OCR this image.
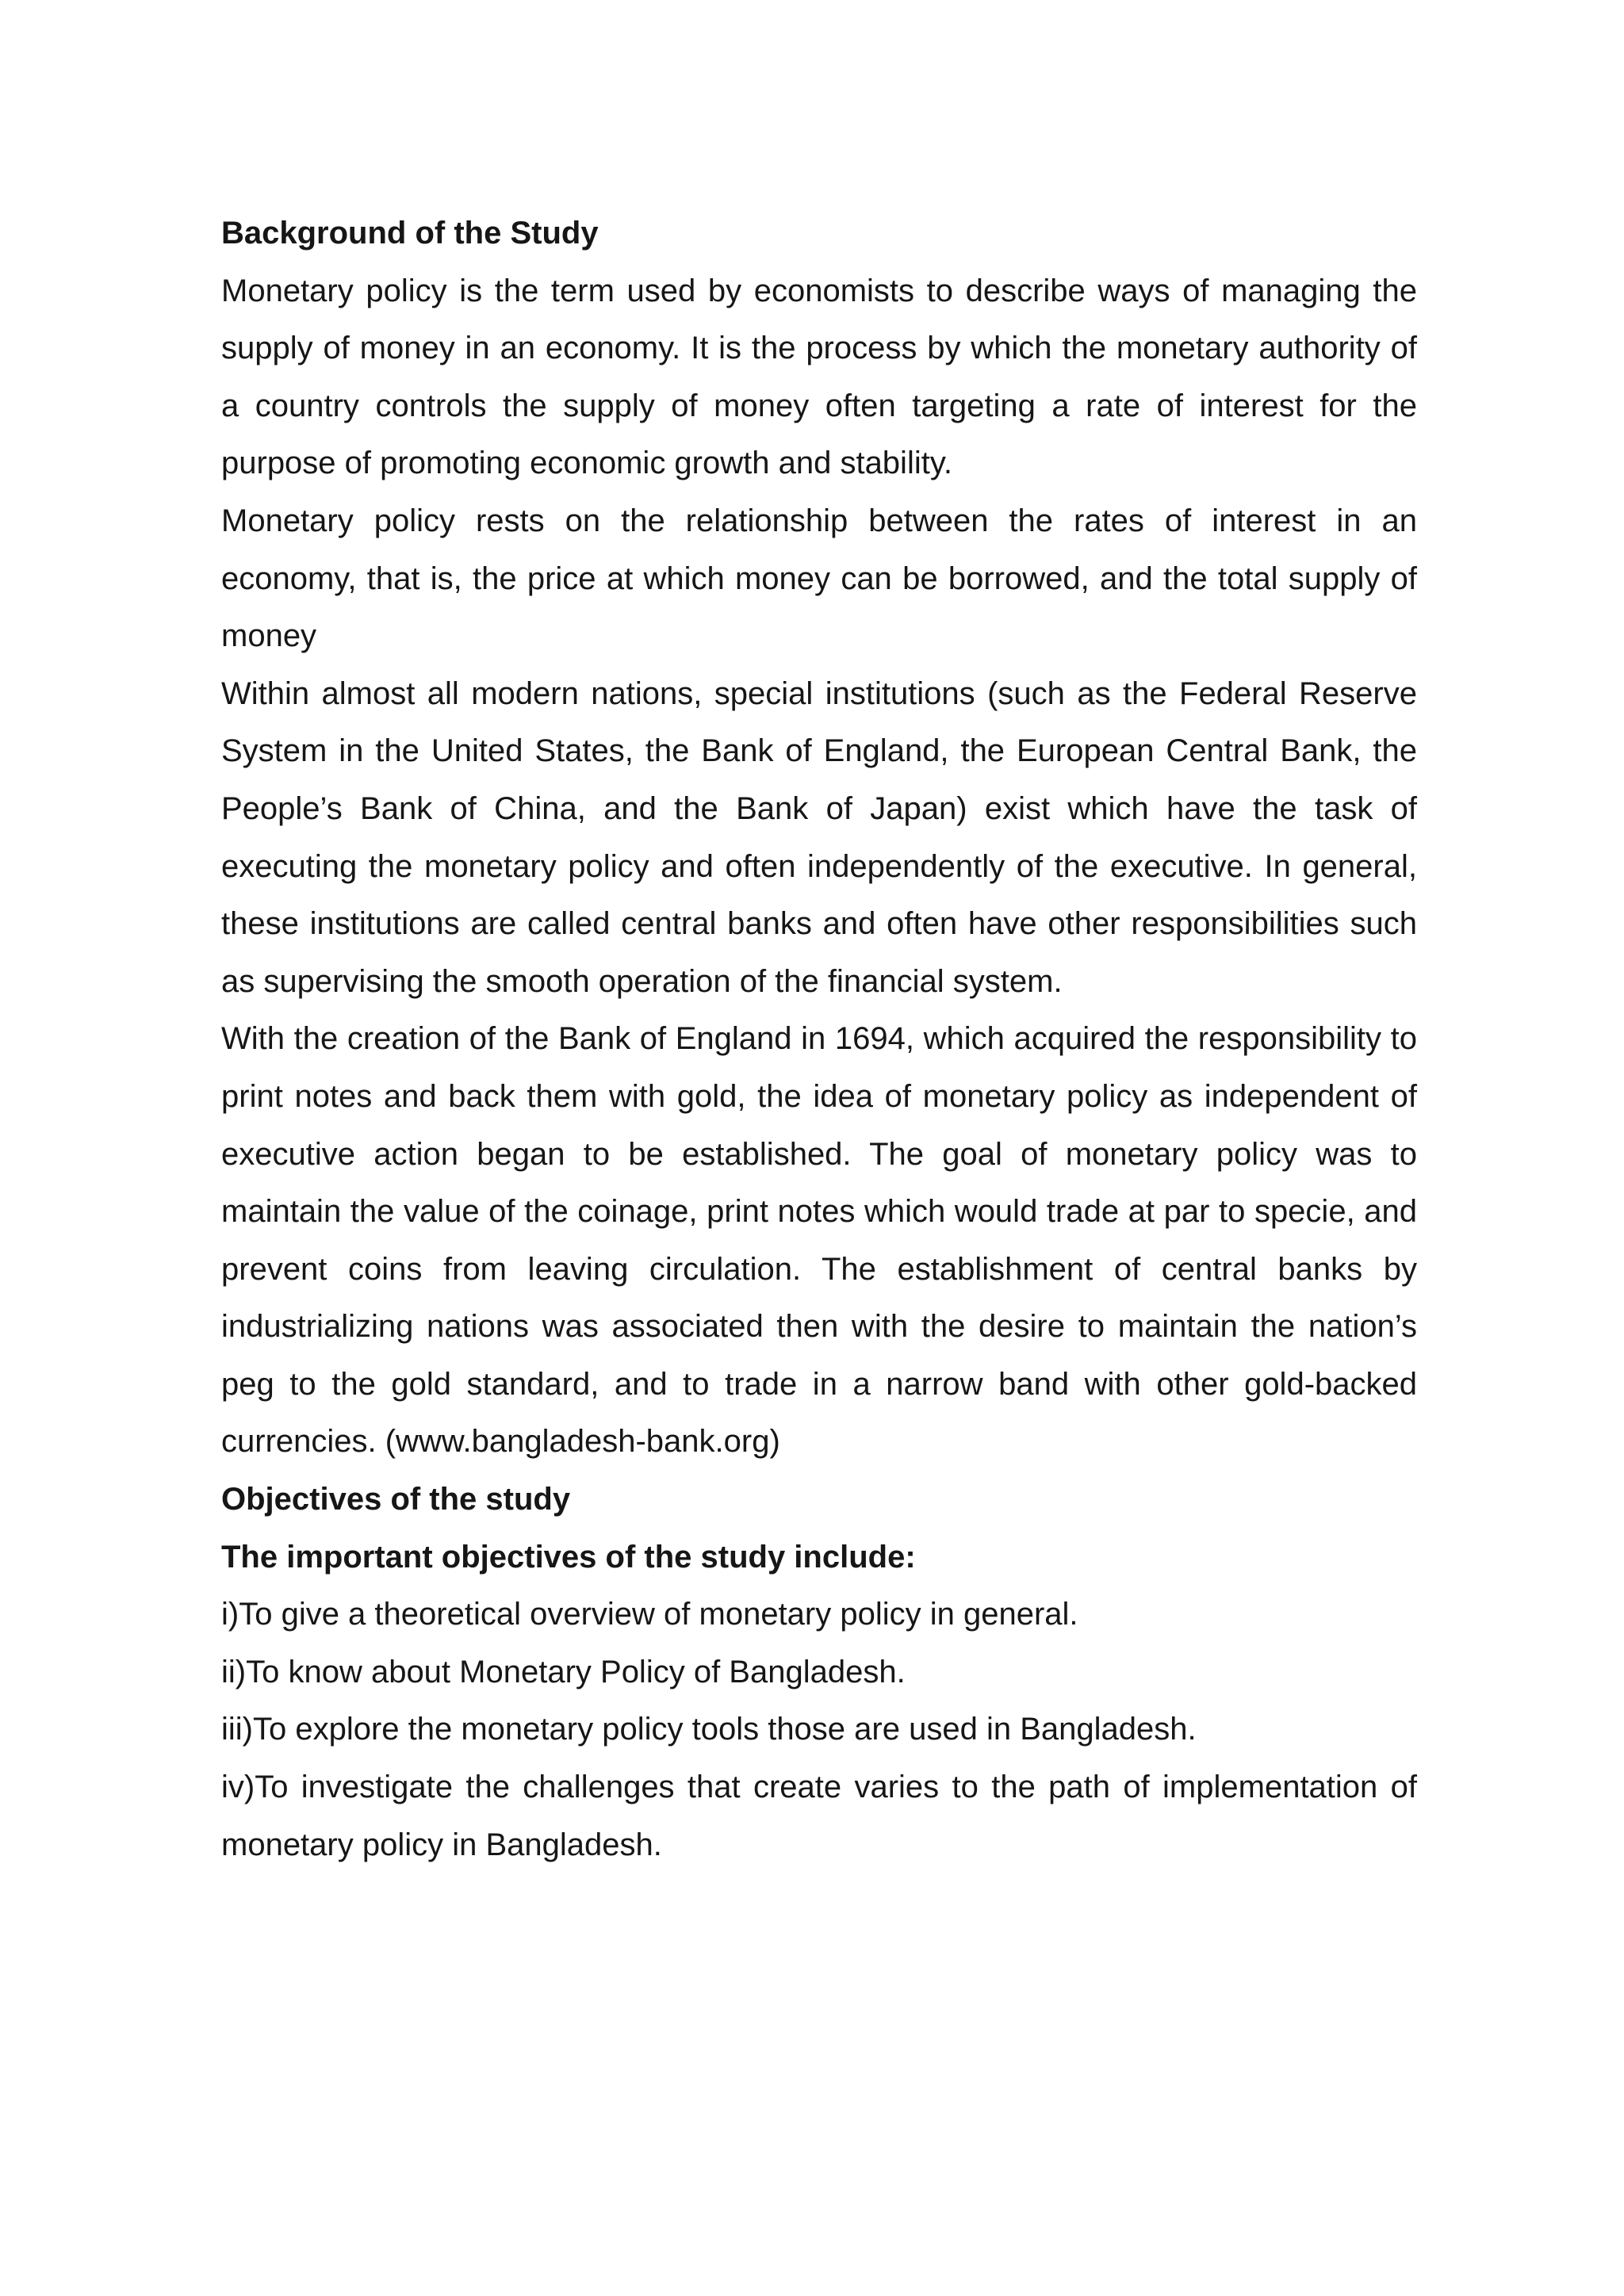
Background of the Study

Monetary policy is the term used by economists to describe ways of managing the supply of money in an economy. It is the process by which the monetary authority of a country controls the supply of money often targeting a rate of interest for the purpose of promoting economic growth and stability.

Monetary policy rests on the relationship between the rates of interest in an economy, that is, the price at which money can be borrowed, and the total supply of money

Within almost all modern nations, special institutions (such as the Federal Reserve System in the United States, the Bank of England, the European Central Bank, the People’s Bank of China, and the Bank of Japan) exist which have the task of executing the monetary policy and often independently of the executive. In general, these institutions are called central banks and often have other responsibilities such as supervising the smooth operation of the financial system.

With the creation of the Bank of England in 1694, which acquired the responsibility to print notes and back them with gold, the idea of monetary policy as independent of executive action began to be established. The goal of monetary policy was to maintain the value of the coinage, print notes which would trade at par to specie, and prevent coins from leaving circulation. The establishment of central banks by industrializing nations was associated then with the desire to maintain the nation’s peg to the gold standard, and to trade in a narrow band with other gold-backed currencies. (www.bangladesh-bank.org)

Objectives of the study

The important objectives of the study include:

i)To give a theoretical overview of monetary policy in general.

ii)To know about Monetary Policy of Bangladesh.

iii)To explore the monetary policy tools those are used in Bangladesh.

iv)To investigate the challenges that create varies to the path of implementation of monetary policy in Bangladesh.
